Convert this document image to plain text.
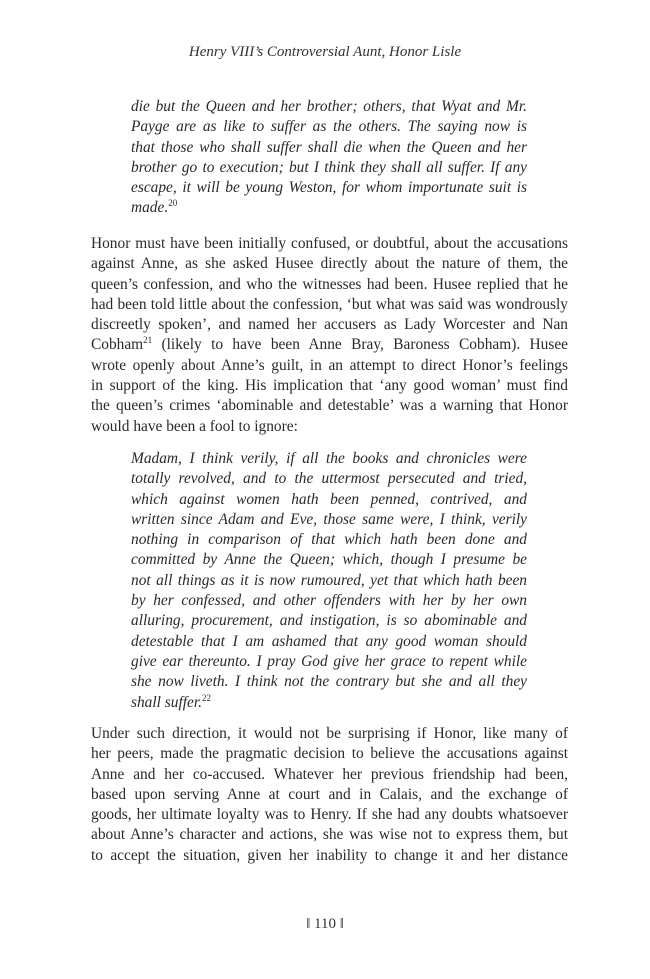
Henry VIII’s Controversial Aunt, Honor Lisle
die but the Queen and her brother; others, that Wyat and Mr.
Payge are as like to suffer as the others. The saying now is
that those who shall suffer shall die when the Queen and her
brother go to execution; but I think they shall all suffer. If any
escape, it will be young Weston, for whom importunate suit is
made.$^{20}$
Honor must have been initially confused, or doubtful, about the accusations
against Anne, as she asked Husee directly about the nature of them, the
queen’s confession, and who the witnesses had been. Husee replied that he
had been told little about the confession, ‘but what was said was wondrously
discreetly spoken’, and named her accusers as Lady Worcester and Nan
Cobham$^{21}$ (likely to have been Anne Bray, Baroness Cobham). Husee
wrote openly about Anne’s guilt, in an attempt to direct Honor’s feelings
in support of the king. His implication that ‘any good woman’ must find
the queen’s crimes ‘abominable and detestable’ was a warning that Honor
would have been a fool to ignore:
Madam, I think verily, if all the books and chronicles were
totally revolved, and to the uttermost persecuted and tried,
which against women hath been penned, contrived, and
written since Adam and Eve, those same were, I think, verily
nothing in comparison of that which hath been done and
committed by Anne the Queen; which, though I presume be
not all things as it is now rumoured, yet that which hath been
by her confessed, and other offenders with her by her own
alluring, procurement, and instigation, is so abominable and
detestable that I am ashamed that any good woman should
give ear thereunto. I pray God give her grace to repent while
she now liveth. I think not the contrary but she and all they
shall suffer.$^{22}$
Under such direction, it would not be surprising if Honor, like many of
her peers, made the pragmatic decision to believe the accusations against
Anne and her co-accused. Whatever her previous friendship had been,
based upon serving Anne at court and in Calais, and the exchange of
goods, her ultimate loyalty was to Henry. If she had any doubts whatsoever
about Anne’s character and actions, she was wise not to express them, but
to accept the situation, given her inability to change it and her distance
‖ 110 ‖
